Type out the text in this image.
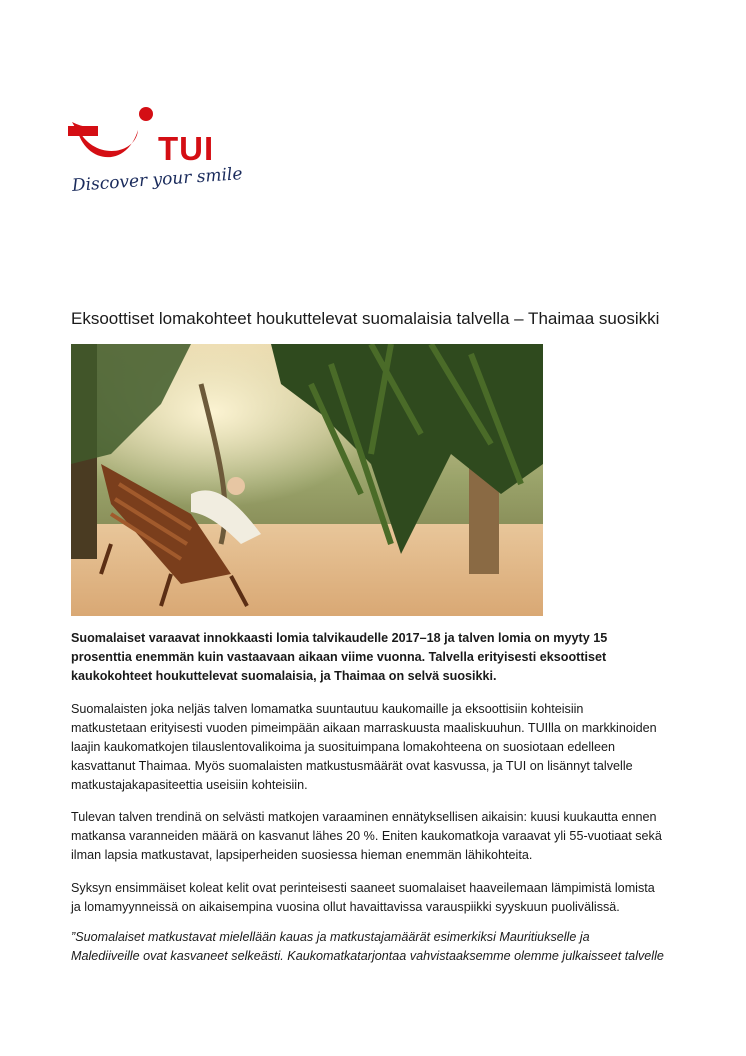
TUI
Discover your smile
Eksoottiset lomakohteet houkuttelevat suomalaisia talvella – Thaimaa suosikki
Suomalaiset varaavat innokkaasti lomia talvikaudelle 2017–18 ja talven lomia on myyty 15
prosenttia enemmän kuin vastaavaan aikaan viime vuonna. Talvella erityisesti eksoottiset
kaukokohteet houkuttelevat suomalaisia, ja Thaimaa on selvä suosikki.
Suomalaisten joka neljäs talven lomamatka suuntautuu kaukomaille ja eksoottisiin kohteisiin
matkustetaan erityisesti vuoden pimeimpään aikaan marraskuusta maaliskuuhun. TUIlla on markkinoiden
laajin kaukomatkojen tilauslentovalikoima ja suosituimpana lomakohteena on suosiotaan edelleen
kasvattanut Thaimaa. Myös suomalaisten matkustusmäärät ovat kasvussa, ja TUI on lisännyt talvelle
matkustajakapasiteettia useisiin kohteisiin.
Tulevan talven trendinä on selvästi matkojen varaaminen ennätyksellisen aikaisin: kuusi kuukautta ennen
matkansa varanneiden määrä on kasvanut lähes 20 %. Eniten kaukomatkoja varaavat yli 55-vuotiaat sekä
ilman lapsia matkustavat, lapsiperheiden suosiessa hieman enemmän lähikohteita.
Syksyn ensimmäiset koleat kelit ovat perinteisesti saaneet suomalaiset haaveilemaan lämpimistä lomista
ja lomamyynneissä on aikaisempina vuosina ollut havaittavissa varauspiikki syyskuun puolivälissä.
”Suomalaiset matkustavat mielellään kauas ja matkustajamäärät esimerkiksi Mauritiukselle ja
Malediiveille ovat kasvaneet selkeästi. Kaukomatkatarjontaa vahvistaaksemme olemme julkaisseet talvelle
